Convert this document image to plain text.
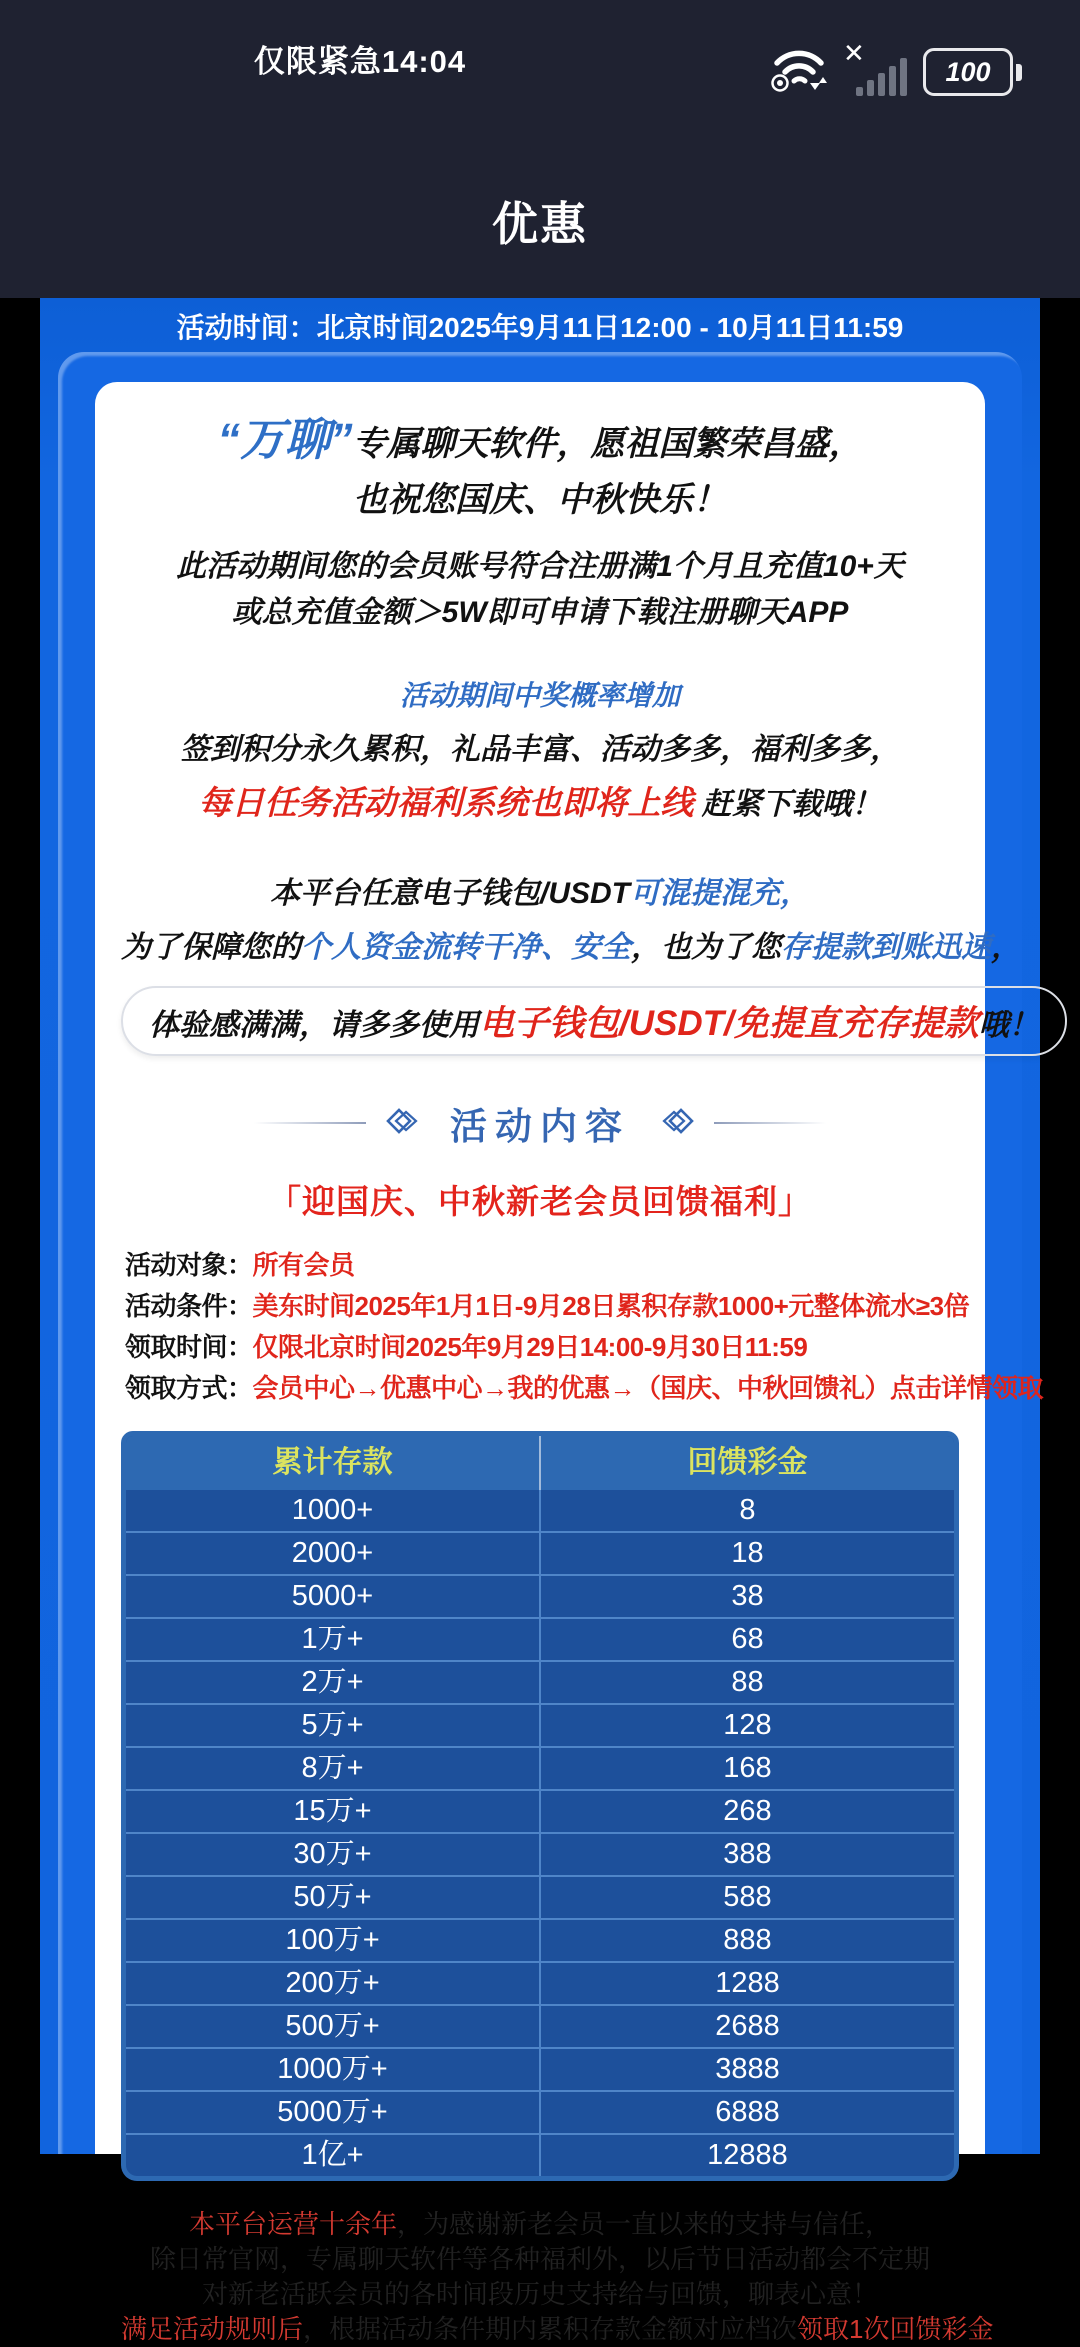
仅限紧急14:04	✕
100
优惠
活动时间：北京时间2025年9月11日12:00 - 10月11日11:59
“万聊”专属聊天软件，愿祖国繁荣昌盛，
也祝您国庆、中秋快乐！
此活动期间您的会员账号符合注册满1个月且充值10+天
或总充值金额＞5W即可申请下载注册聊天APP
活动期间中奖概率增加
签到积分永久累积，礼品丰富、活动多多，福利多多，
每日任务活动福利系统也即将上线 赶紧下载哦！
本平台任意电子钱包/USDT可混提混充，
为了保障您的个人资金流转干净、安全，也为了您存提款到账迅速，
体验感满满，请多多使用电子钱包/USDT/免提直充存提款哦！
活动内容
「迎国庆、中秋新老会员回馈福利」
活动对象：所有会员
活动条件：美东时间2025年1月1日-9月28日累积存款1000+元整体流水≥3倍
领取时间：仅限北京时间2025年9月29日14:00-9月30日11:59
领取方式：会员中心→优惠中心→我的优惠→（国庆、中秋回馈礼）点击详情领取
累计存款	回馈彩金
1000+	8
2000+	18
5000+	38
1万+	68
2万+	88
5万+	128
8万+	168
15万+	268
30万+	388
50万+	588
100万+	888
200万+	1288
500万+	2688
1000万+	3888
5000万+	6888
1亿+	12888
本平台运营十余年，为感谢新老会员一直以来的支持与信任，
除日常官网，专属聊天软件等各种福利外，以后节日活动都会不定期
对新老活跃会员的各时间段历史支持给与回馈，聊表心意！
满足活动规则后，根据活动条件期内累积存款金额对应档次领取1次回馈彩金
